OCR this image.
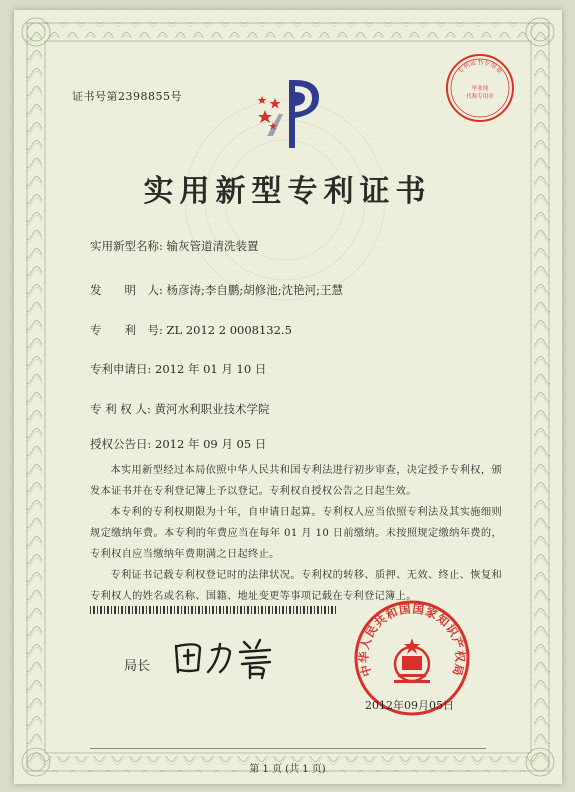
证书号第2398855号
专利证书专用章
毕业纯
代称专用章
实用新型专利证书
实用新型名称: 输灰管道清洗装置
发　　明　人: 杨彦涛;李自鹏;胡修池;沈艳河;王慧
专　　利　号: ZL 2012 2 0008132.5
专利申请日: 2012 年 01 月 10 日
专 利 权 人: 黄河水利职业技术学院
授权公告日: 2012 年 09 月 05 日

本实用新型经过本局依照中华人民共和国专利法进行初步审查，决定授予专利权，颁发本证书并在专利登记簿上予以登记。专利权自授权公告之日起生效。

本专利的专利权期限为十年，自申请日起算。专利权人应当依照专利法及其实施细则规定缴纳年费。本专利的年费应当在每年 01 月 10 日前缴纳。未按照规定缴纳年费的，专利权自应当缴纳年费期满之日起终止。

专利证书记载专利权登记时的法律状况。专利权的转移、质押、无效、终止、恢复和专利权人的姓名或名称、国籍、地址变更等事项记载在专利登记簿上。

局长	中华人民共和国国家知识产权局
2012年09月05日
第 1 页 (共 1 页)
